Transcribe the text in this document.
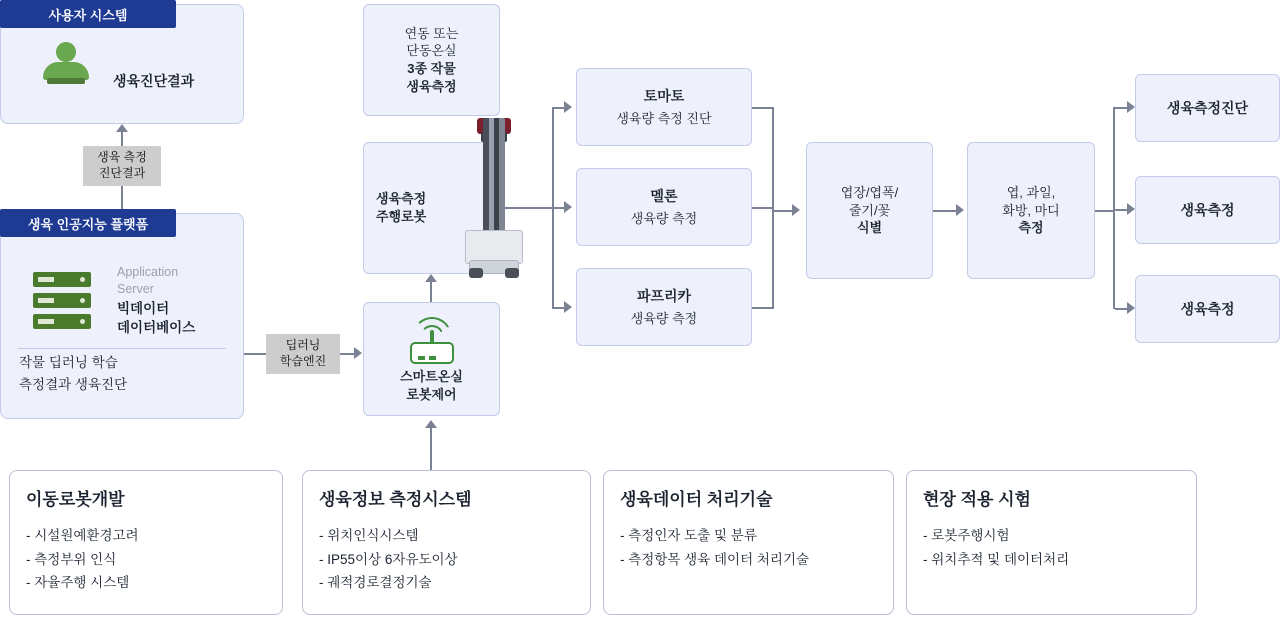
사용자 시스템
생육진단결과
생육 측정
진단결과
생육 인공지능 플랫폼
Application
Server
빅데이터
데이터베이스
작물 딥러닝 학습
측정결과 생육진단
딥러닝
학습엔진
연동 또는
단동온실
3종 작물
생육측정
생육측정
주행로봇
스마트온실
로봇제어
토마토
생육량 측정 진단
멜론
생육량 측정
파프리카
생육량 측정
엽장/엽폭/
줄기/꽃
식별
엽, 과일,
화방, 마디
측정
생육측정진단
생육측정
생육측정
이동로봇개발
- 시설원예환경고려
- 측정부위 인식
- 자율주행 시스템
생육정보 측정시스템
- 위치인식시스템
- IP55이상 6자유도이상
- 궤적경로결정기술
생육데이터 처리기술
- 측정인자 도출 및 분류
- 측정항목 생육 데이터 처리기술
현장 적용 시험
- 로봇주행시험
- 위치추적 및 데이터처리
